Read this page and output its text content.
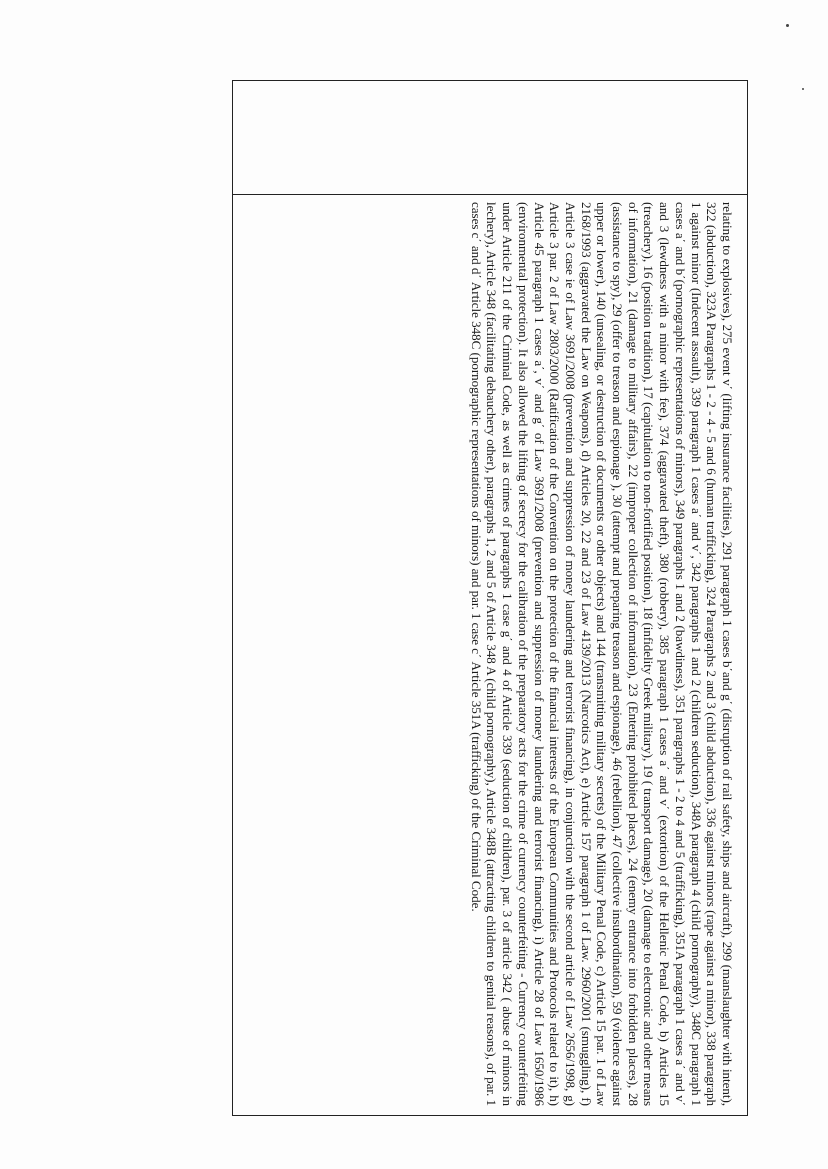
relating to explosives), 275 event v΄ (lifting insurance facilities), 291 paragraph 1 cases b΄and g΄ (disruption of rail safety, ships and aircraft), 299 (manslaughter with intent), 322 (abduction), 323A Paragraphs 1 - 2 - 4 - 5 and 6 (human trafficking), 324 Paragraphs 2 and 3 (child abduction), 336 against minors (rape against a minor), 338 paragraph 1 against minor (Indecent assault), 339 paragraph 1 cases a΄ and v΄, 342 paragraphs 1 and 2 (children seduction), 348A paragraph 4 (child pornography), 348C paragraph 1 cases a΄ and b΄(pornographic representations of minors), 349 paragraphs 1 and 2 (bawdiness), 351 paragraphs 1 - 2 to 4 and 5 (trafficking), 351A paragraph 1 cases a΄ and v΄ and 3 (lewdness with a minor with fee), 374 (aggravated theft), 380 (robbery), 385 paragraph 1 cases a΄ and v΄ (extortion) of the Hellenic Penal Code, b) Articles 15 (treachery), 16 (position tradition), 17 (capitulation to non-fortified position), 18 (infidelity Greek military), 19 ( transport damage), 20 (damage to electronic and other means of information), 21 (damage to military affairs), 22 (improper collection of information), 23 (Entering prohibited places), 24 (enemy entrance into forbidden places), 28 (assistance to spy), 29 (offer to treason and espionage ), 30 (attempt and preparing treason and espionage), 46 (rebellion), 47 (collective insubordination), 59 (violence against upper or lower), 140 (unsealing, or destruction of documents or other objects) and 144 (transmitting military secrets) of the Military Penal Code, c) Article 15 par. 1 of Law 2168/1993 (aggravated the Law on Weapons), d) Articles 20, 22 and 23 of Law 4139/2013 (Narcotics Act), e) Article 157 paragraph 1 of Law. 2960/2001 (smuggling), f) Article 3 case ie of Law 3691/2008 (prevention and suppression of money laundering and terrorist financing), in conjunction with the second article of Law 2656/1998, g) Article 3 par. 2 of Law 2803/2000 (Ratification of the Convention on the protection of the financial interests of the European Communities and Protocols related to it), h) Article 45 paragraph 1 cases a΄, v΄ and g΄ of Law 3691/2008 (prevention and suppression of money laundering and terrorist financing), i) Article 28 of Law 1650/1986 (environmental protection). It also allowed the lifting of secrecy for the calibration of the preparatory acts for the crime of currency counterfeiting - Currency counterfeiting under Article 211 of the Criminal Code, as well as crimes of paragraphs 1 case g΄ and 4 of Article 339 (seduction of children), par. 3 of article 342 ( abuse of minors in lechery), Article 348 (facilitating debauchery other), paragraphs 1, 2 and 5 of Article 348 A (child pornography), Article 348B (attracting children to genital reasons), of par. 1 cases c΄ and d΄ Article 348C (pornographic representations of minors) and par. 1 case c΄ Article 351A (trafficking) of the Criminal Code.
